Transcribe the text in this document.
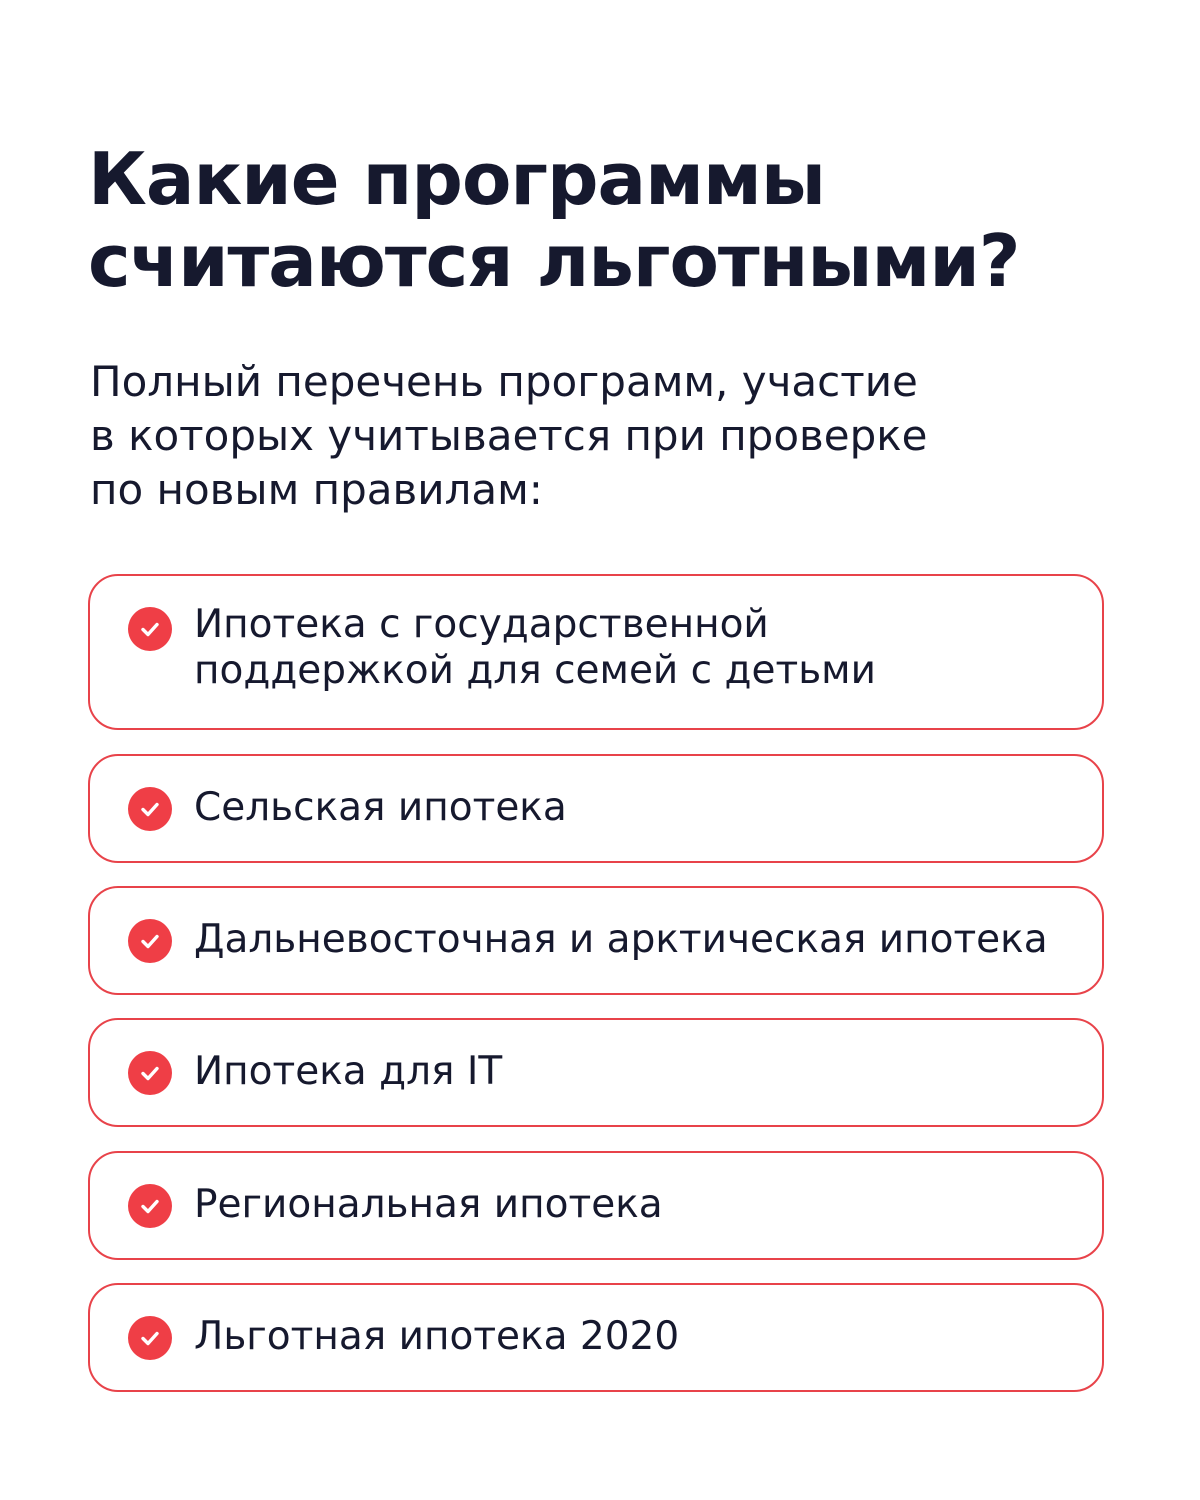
Какие программы
считаются льготными?

Полный перечень программ, участие
в которых учитывается при проверке
по новым правилам:

Ипотека с государственной
поддержкой для семей с детьми
Сельская ипотека
Дальневосточная и арктическая ипотека
Ипотека для IT
Региональная ипотека
Льготная ипотека 2020
